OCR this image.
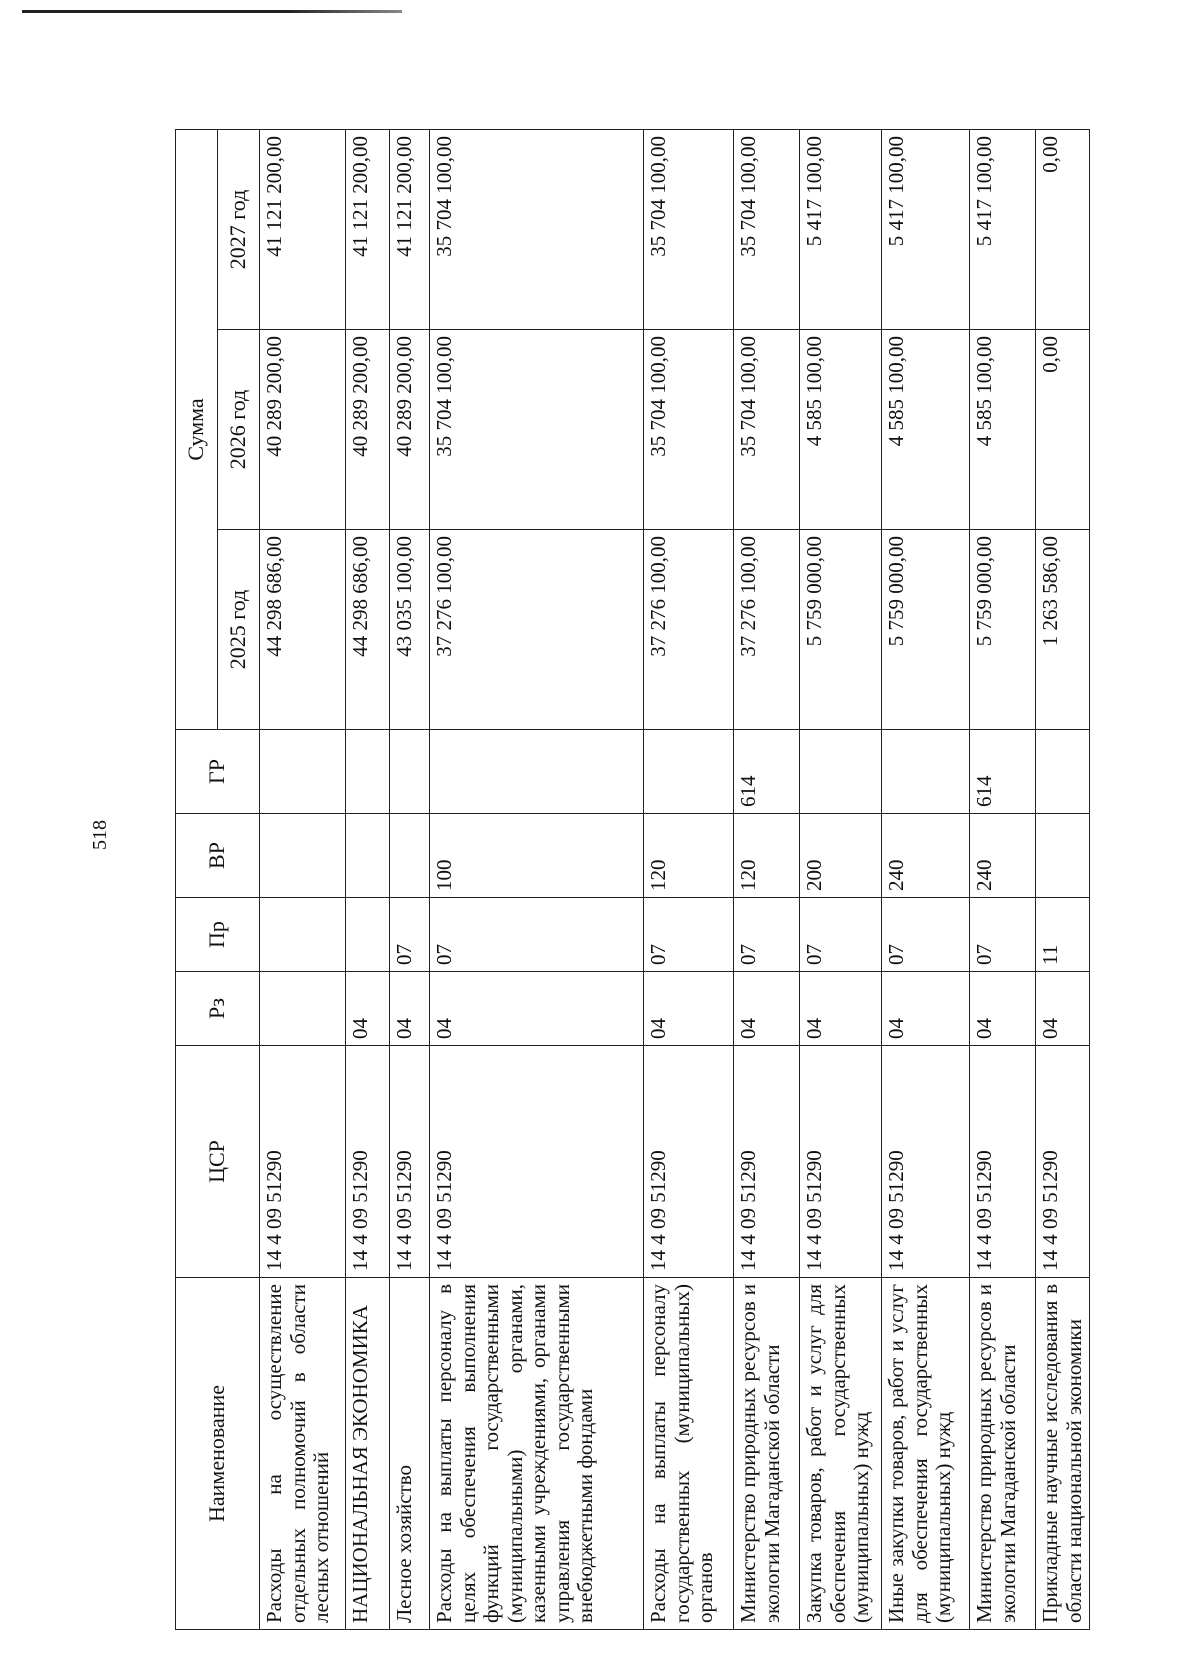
518
Наименование	ЦСР	Рз	Пр	ВР	ГР	Сумма		
						2025 год	2026 год	2027 год
Расходы на осуществление отдельных полномочий в области лесных отношений	14 4 09 51290					44 298 686,00	40 289 200,00	41 121 200,00
НАЦИОНАЛЬНАЯ ЭКОНОМИКА	14 4 09 51290	04				44 298 686,00	40 289 200,00	41 121 200,00
Лесное хозяйство	14 4 09 51290	04	07			43 035 100,00	40 289 200,00	41 121 200,00
Расходы на выплаты персоналу в целях обеспечения выполнения функций государственными (муниципальными) органами, казенными учреждениями, органами управления государственными внебюджетными фондами	14 4 09 51290	04	07	100		37 276 100,00	35 704 100,00	35 704 100,00
Расходы на выплаты персоналу государственных (муниципальных) органов	14 4 09 51290	04	07	120		37 276 100,00	35 704 100,00	35 704 100,00
Министерство природных ресурсов и экологии Магаданской области	14 4 09 51290	04	07	120	614	37 276 100,00	35 704 100,00	35 704 100,00
Закупка товаров, работ и услуг для обеспечения государственных (муниципальных) нужд	14 4 09 51290	04	07	200		5 759 000,00	4 585 100,00	5 417 100,00
Иные закупки товаров, работ и услуг для обеспечения государственных (муниципальных) нужд	14 4 09 51290	04	07	240		5 759 000,00	4 585 100,00	5 417 100,00
Министерство природных ресурсов и экологии Магаданской области	14 4 09 51290	04	07	240	614	5 759 000,00	4 585 100,00	5 417 100,00
Прикладные научные исследования в области национальной экономики	14 4 09 51290	04	11			1 263 586,00	0,00	0,00
